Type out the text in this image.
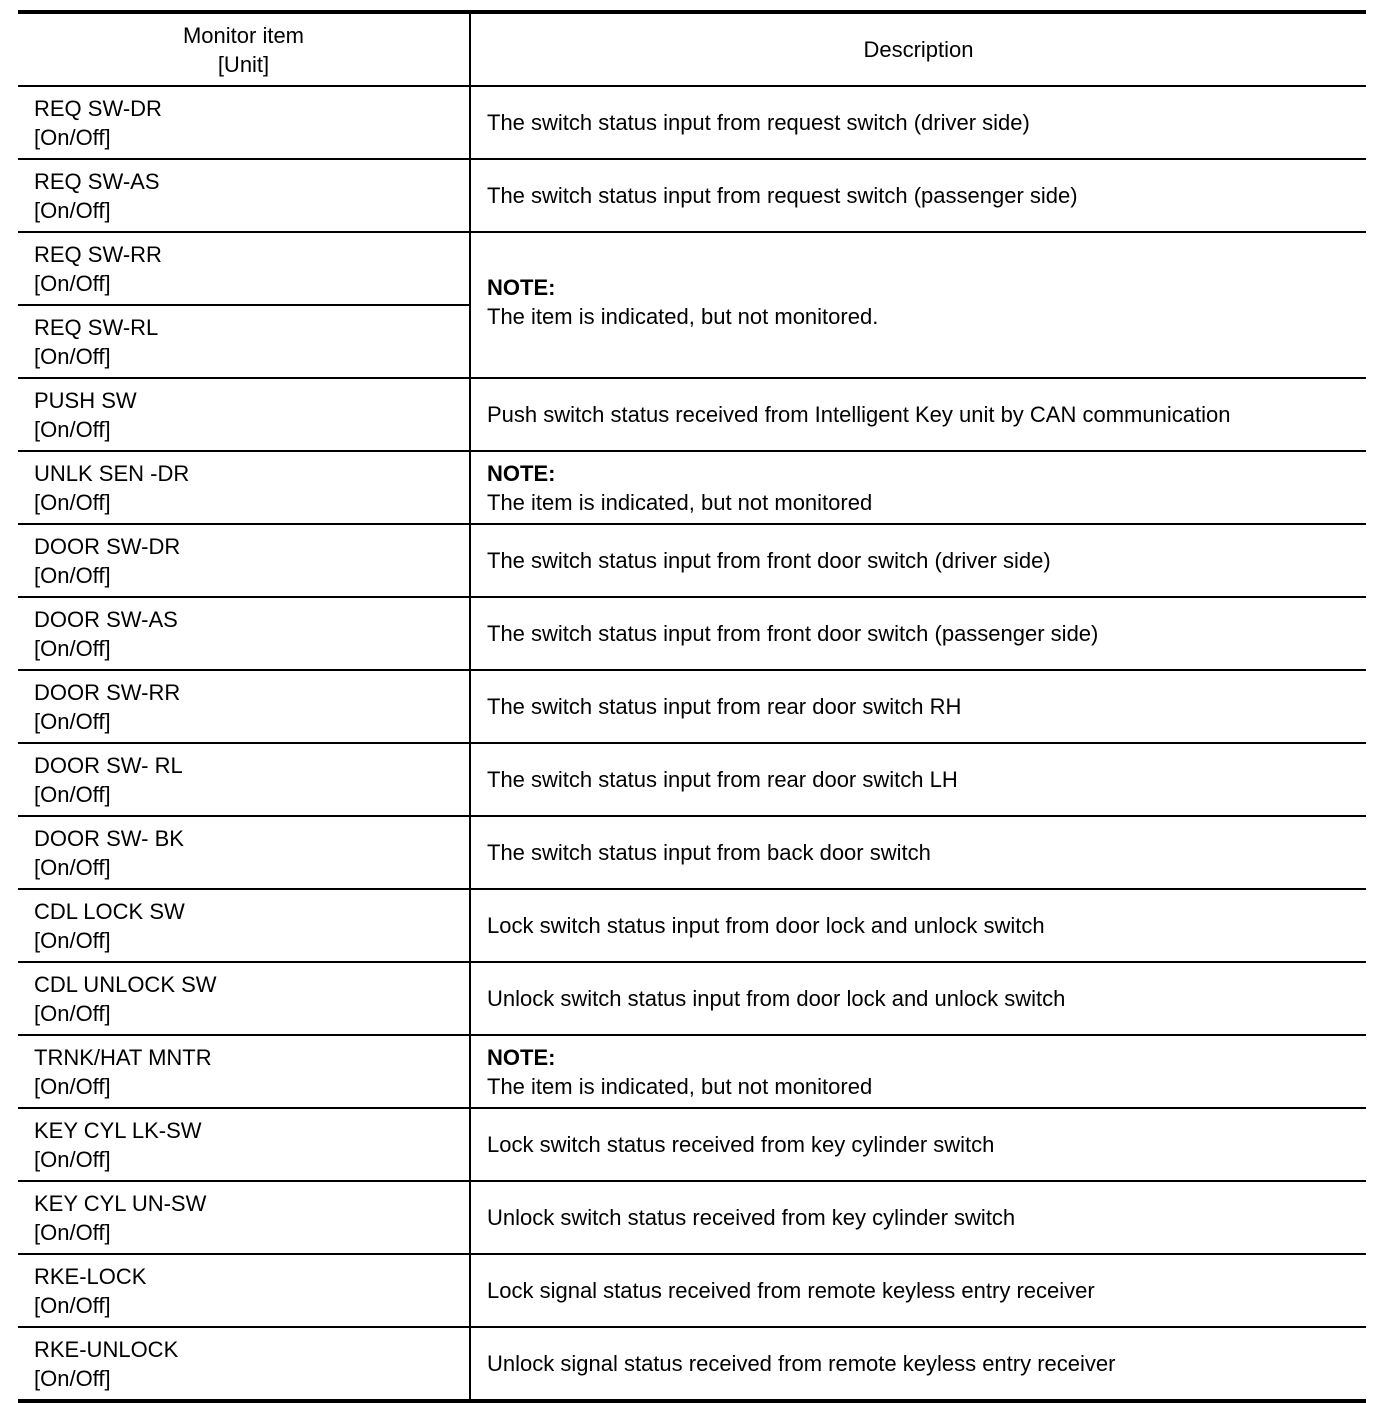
Monitor item
[Unit]	Description

REQ SW-DR
[On/Off]	The switch status input from request switch (driver side)

REQ SW-AS
[On/Off]	The switch status input from request switch (passenger side)

REQ SW-RR
[On/Off]	NOTE:
The item is indicated, but not monitored.

REQ SW-RL
[On/Off]	

PUSH SW
[On/Off]	Push switch status received from Intelligent Key unit by CAN communication

UNLK SEN -DR
[On/Off]	NOTE:
The item is indicated, but not monitored

DOOR SW-DR
[On/Off]	The switch status input from front door switch (driver side)

DOOR SW-AS
[On/Off]	The switch status input from front door switch (passenger side)

DOOR SW-RR
[On/Off]	The switch status input from rear door switch RH

DOOR SW- RL
[On/Off]	The switch status input from rear door switch LH

DOOR SW- BK
[On/Off]	The switch status input from back door switch

CDL LOCK SW
[On/Off]	Lock switch status input from door lock and unlock switch

CDL UNLOCK SW
[On/Off]	Unlock switch status input from door lock and unlock switch

TRNK/HAT MNTR
[On/Off]	NOTE:
The item is indicated, but not monitored

KEY CYL LK-SW
[On/Off]	Lock switch status received from key cylinder switch

KEY CYL UN-SW
[On/Off]	Unlock switch status received from key cylinder switch

RKE-LOCK
[On/Off]	Lock signal status received from remote keyless entry receiver

RKE-UNLOCK
[On/Off]	Unlock signal status received from remote keyless entry receiver
